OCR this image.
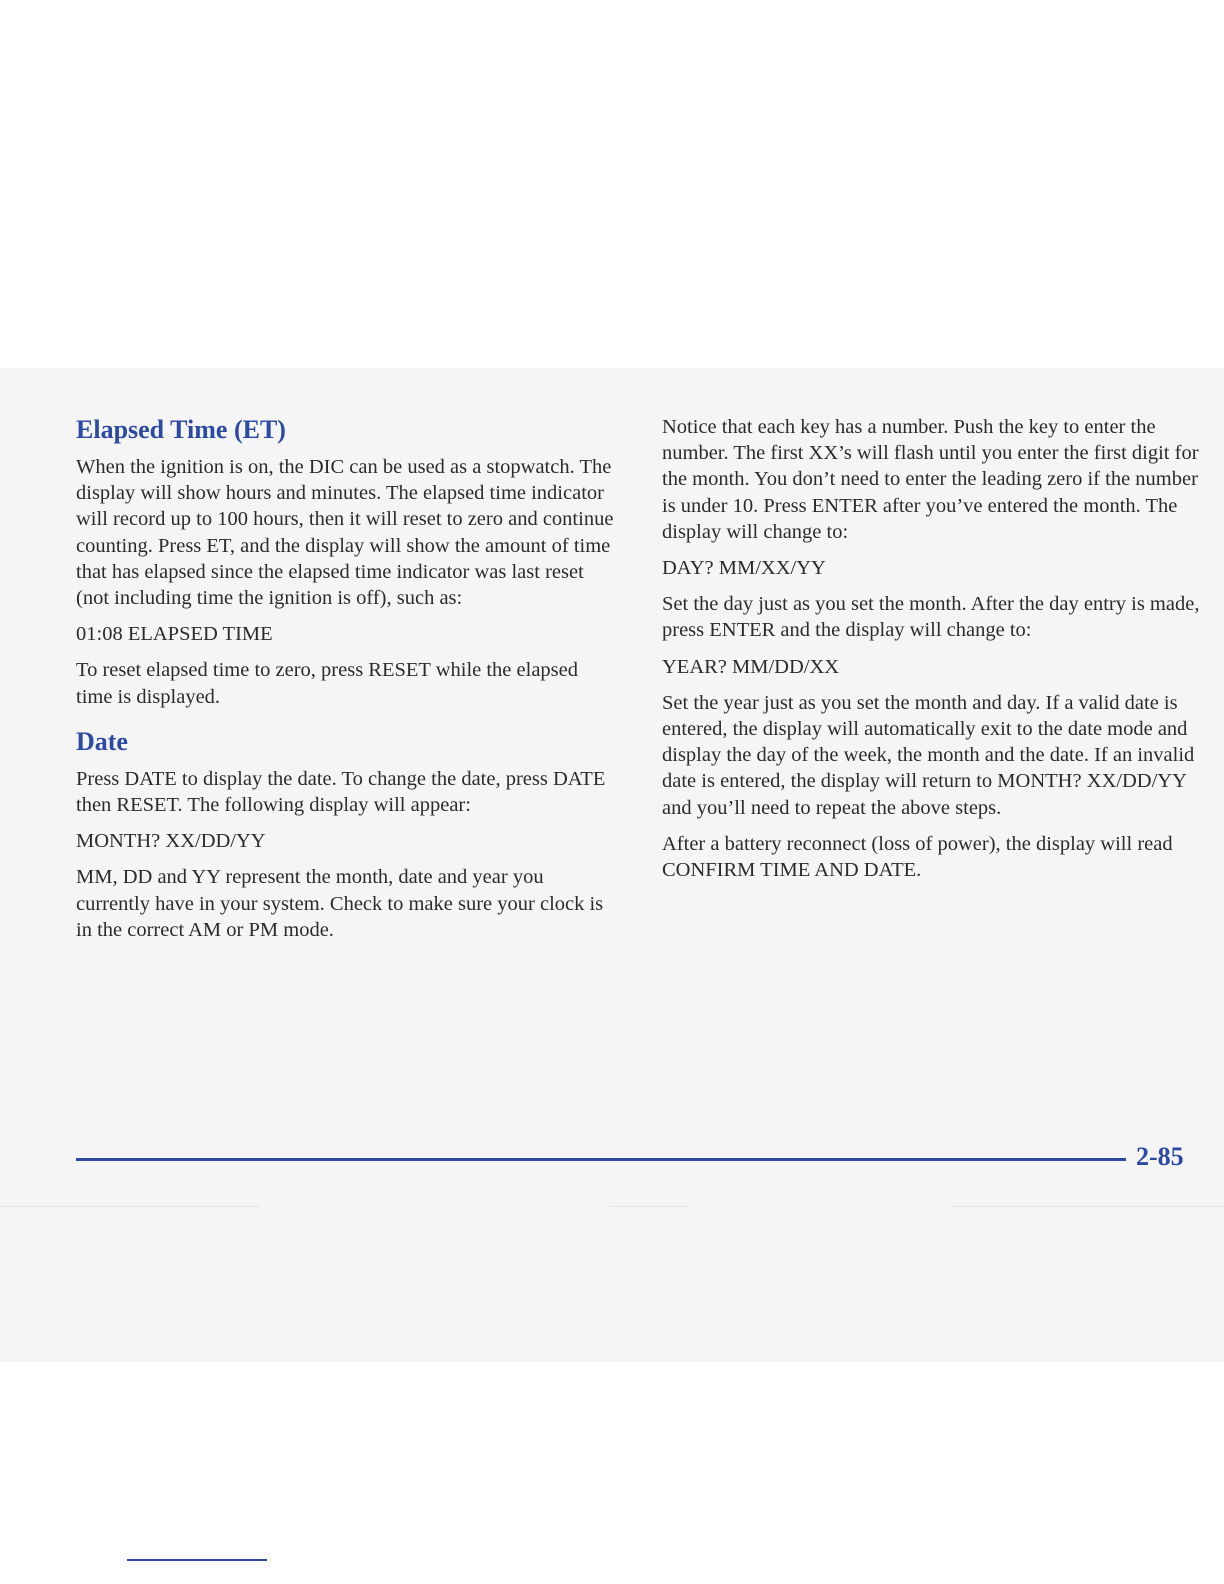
Elapsed Time (ET)

When the ignition is on, the DIC can be used as a stopwatch. The display will show hours and minutes. The elapsed time indicator will record up to 100 hours, then it will reset to zero and continue counting. Press ET, and the display will show the amount of time that has elapsed since the elapsed time indicator was last reset (not including time the ignition is off), such as:

01:08 ELAPSED TIME

To reset elapsed time to zero, press RESET while the elapsed time is displayed.

Date

Press DATE to display the date. To change the date, press DATE then RESET. The following display will appear:

MONTH? XX/DD/YY

MM, DD and YY represent the month, date and year you currently have in your system. Check to make sure your clock is in the correct AM or PM mode.

Notice that each key has a number. Push the key to enter the number. The first XX’s will flash until you enter the first digit for the month. You don’t need to enter the leading zero if the number is under 10. Press ENTER after you’ve entered the month. The display will change to:

DAY? MM/XX/YY

Set the day just as you set the month. After the day entry is made, press ENTER and the display will change to:

YEAR? MM/DD/XX

Set the year just as you set the month and day. If a valid date is entered, the display will automatically exit to the date mode and display the day of the week, the month and the date. If an invalid date is entered, the display will return to MONTH? XX/DD/YY and you’ll need to repeat the above steps.

After a battery reconnect (loss of power), the display will read CONFIRM TIME AND DATE.

2-85
